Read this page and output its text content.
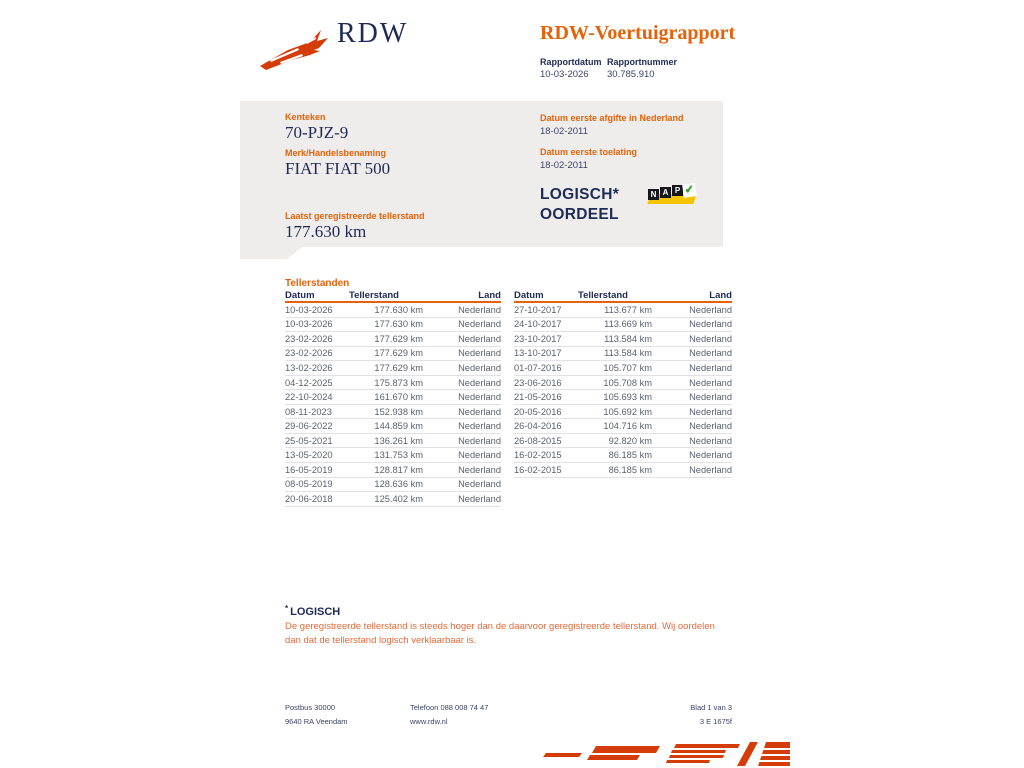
RDW	RDW-Voertuigrapport
Rapportdatum
10-03-2026
Rapportnummer
30.785.910
Kenteken
70-PJZ-9
Merk/Handelsbenaming
FIAT FIAT 500
Laatst geregistreerde tellerstand
177.630 km
Datum eerste afgifte in Nederland
18-02-2011
Datum eerste toelating
18-02-2011
LOGISCH*
OORDEEL
N A P ✔
Tellerstanden
Datum	Tellerstand	Land
10-03-2026	177.630 km	Nederland
10-03-2026	177.630 km	Nederland
23-02-2026	177.629 km	Nederland
23-02-2026	177.629 km	Nederland
13-02-2026	177.629 km	Nederland
04-12-2025	175.873 km	Nederland
22-10-2024	161.670 km	Nederland
08-11-2023	152.938 km	Nederland
29-06-2022	144.859 km	Nederland
25-05-2021	136.261 km	Nederland
13-05-2020	131.753 km	Nederland
16-05-2019	128.817 km	Nederland
08-05-2019	128.636 km	Nederland
20-06-2018	125.402 km	Nederland
Datum	Tellerstand	Land
27-10-2017	113.677 km	Nederland
24-10-2017	113.669 km	Nederland
23-10-2017	113.584 km	Nederland
13-10-2017	113.584 km	Nederland
01-07-2016	105.707 km	Nederland
23-06-2016	105.708 km	Nederland
21-05-2016	105.693 km	Nederland
20-05-2016	105.692 km	Nederland
26-04-2016	104.716 km	Nederland
26-08-2015	92.820 km	Nederland
16-02-2015	86.185 km	Nederland
16-02-2015	86.185 km	Nederland
* LOGISCH
De geregistreerde tellerstand is steeds hoger dan de daarvoor geregistreerde tellerstand. Wij oordelen dan dat de tellerstand logisch verklaarbaar is.
Postbus 30000
9640 RA Veendam
Telefoon 088 008 74 47
www.rdw.nl
Blad 1 van 3
3 E 1675f
